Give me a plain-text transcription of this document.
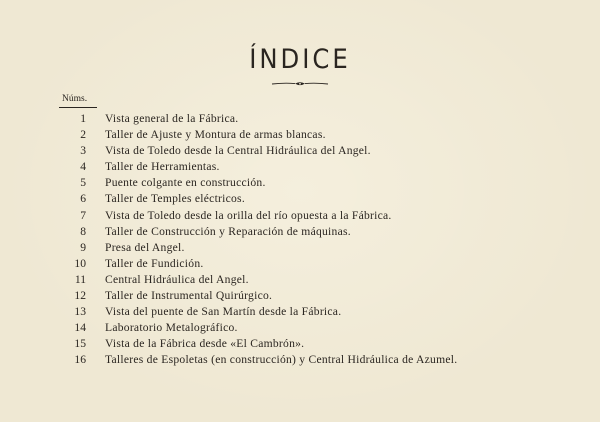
ÍNDICE
Núms.
1 Vista general de la Fábrica.
2 Taller de Ajuste y Montura de armas blancas.
3 Vista de Toledo desde la Central Hidráulica del Angel.
4 Taller de Herramientas.
5 Puente colgante en construcción.
6 Taller de Temples eléctricos.
7 Vista de Toledo desde la orilla del río opuesta a la Fábrica.
8 Taller de Construcción y Reparación de máquinas.
9 Presa del Angel.
10 Taller de Fundición.
11 Central Hidráulica del Angel.
12 Taller de Instrumental Quirúrgico.
13 Vista del puente de San Martín desde la Fábrica.
14 Laboratorio Metalográfico.
15 Vista de la Fábrica desde «El Cambrón».
16 Talleres de Espoletas (en construcción) y Central Hidráulica de Azumel.
